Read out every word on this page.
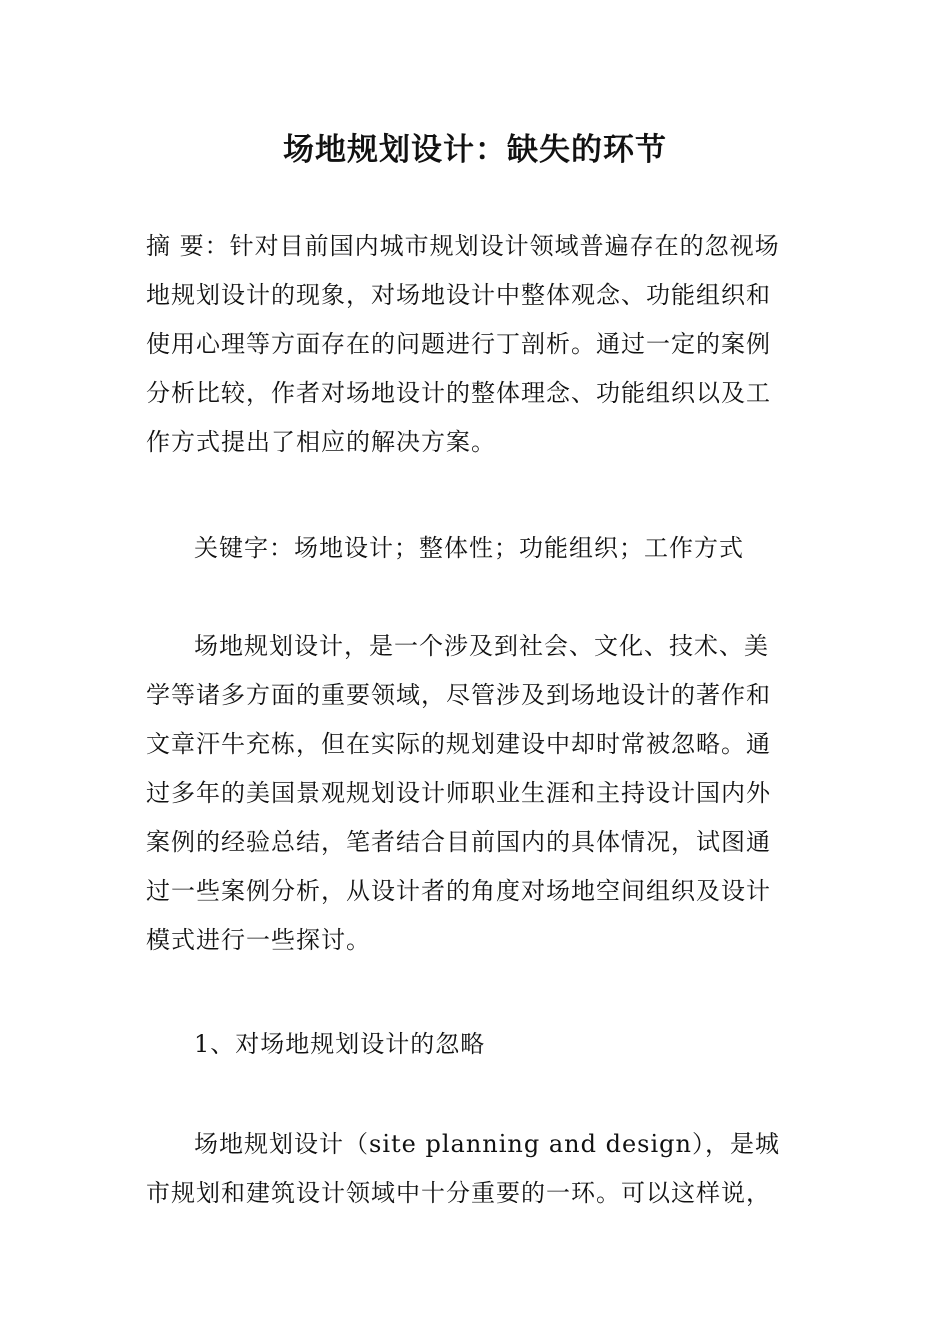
场地规划设计：缺失的环节
摘 要：针对目前国内城市规划设计领域普遍存在的忽视场
地规划设计的现象，对场地设计中整体观念、功能组织和
使用心理等方面存在的问题进行丁剖析。通过一定的案例
分析比较，作者对场地设计的整体理念、功能组织以及工
作方式提出了相应的解决方案。
关键字：场地设计；整体性；功能组织；工作方式
场地规划设计，是一个涉及到社会、文化、技术、美
学等诸多方面的重要领域，尽管涉及到场地设计的著作和
文章汗牛充栋，但在实际的规划建设中却时常被忽略。通
过多年的美国景观规划设计师职业生涯和主持设计国内外
案例的经验总结，笔者结合目前国内的具体情况，试图通
过一些案例分析，从设计者的角度对场地空间组织及设计
模式进行一些探讨。
1、对场地规划设计的忽略
场地规划设计（site planning and design），是城
市规划和建筑设计领域中十分重要的一环。可以这样说，
